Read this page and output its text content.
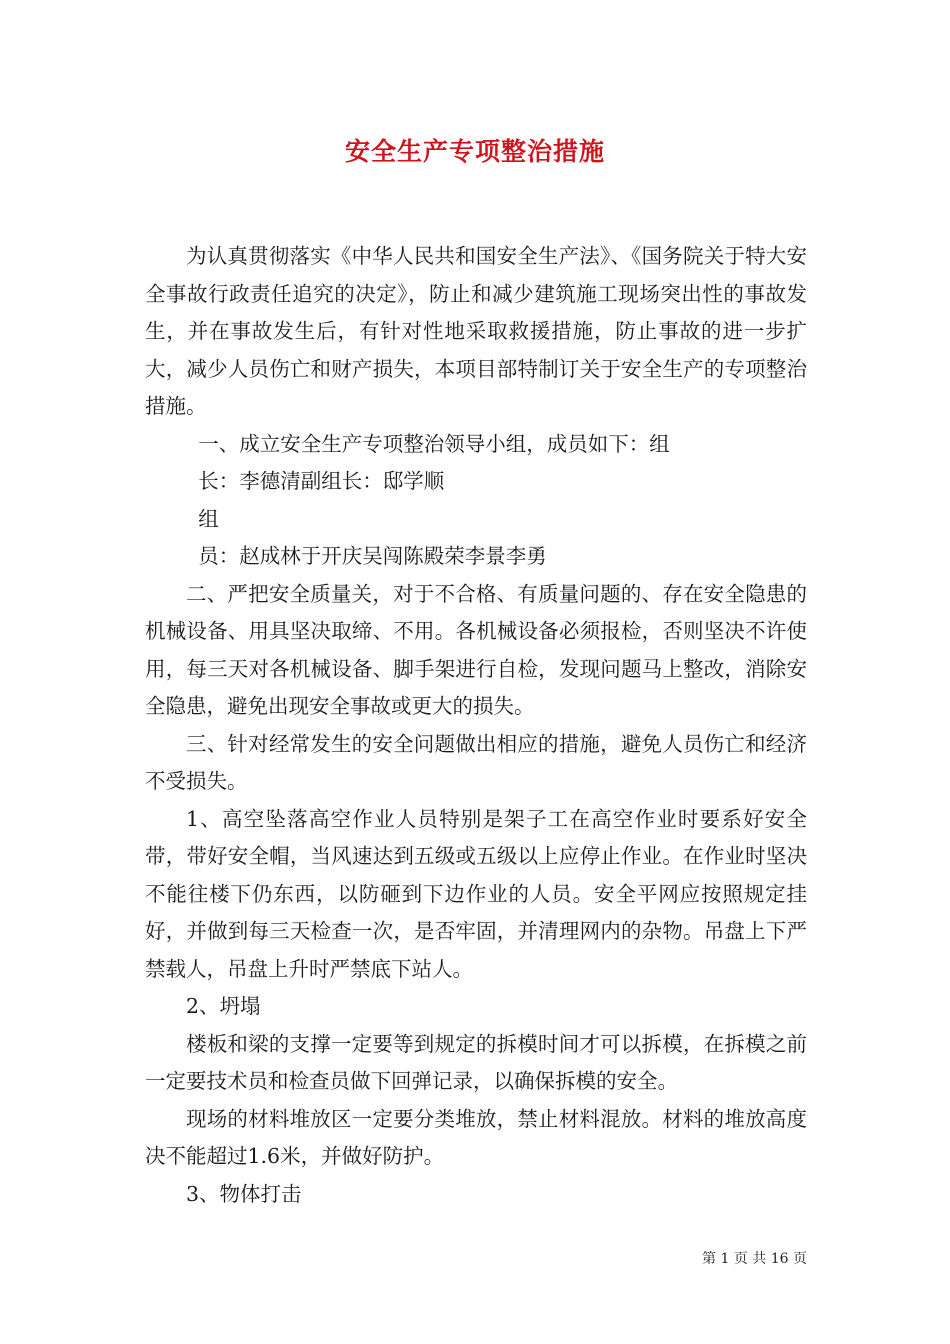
安全生产专项整治措施

为认真贯彻落实《中华人民共和国安全生产法》、《国务院关于特大安全事故行政责任追究的决定》，防止和减少建筑施工现场突出性的事故发生，并在事故发生后，有针对性地采取救援措施，防止事故的进一步扩大，减少人员伤亡和财产损失，本项目部特制订关于安全生产的专项整治措施。

一、成立安全生产专项整治领导小组，成员如下：组

长：李德清副组长：邸学顺

组

员：赵成林于开庆吴闯陈殿荣李景李勇

二、严把安全质量关，对于不合格、有质量问题的、存在安全隐患的机械设备、用具坚决取缔、不用。各机械设备必须报检，否则坚决不许使用，每三天对各机械设备、脚手架进行自检，发现问题马上整改，消除安全隐患，避免出现安全事故或更大的损失。

三、针对经常发生的安全问题做出相应的措施，避免人员伤亡和经济不受损失。

1、高空坠落高空作业人员特别是架子工在高空作业时要系好安全带，带好安全帽，当风速达到五级或五级以上应停止作业。在作业时坚决不能往楼下仍东西，以防砸到下边作业的人员。安全平网应按照规定挂好，并做到每三天检查一次，是否牢固，并清理网内的杂物。吊盘上下严禁载人，吊盘上升时严禁底下站人。

2、坍塌

楼板和梁的支撑一定要等到规定的拆模时间才可以拆模，在拆模之前一定要技术员和检查员做下回弹记录，以确保拆模的安全。

现场的材料堆放区一定要分类堆放，禁止材料混放。材料的堆放高度决不能超过1.6米，并做好防护。

3、物体打击

第 1 页 共 16 页
